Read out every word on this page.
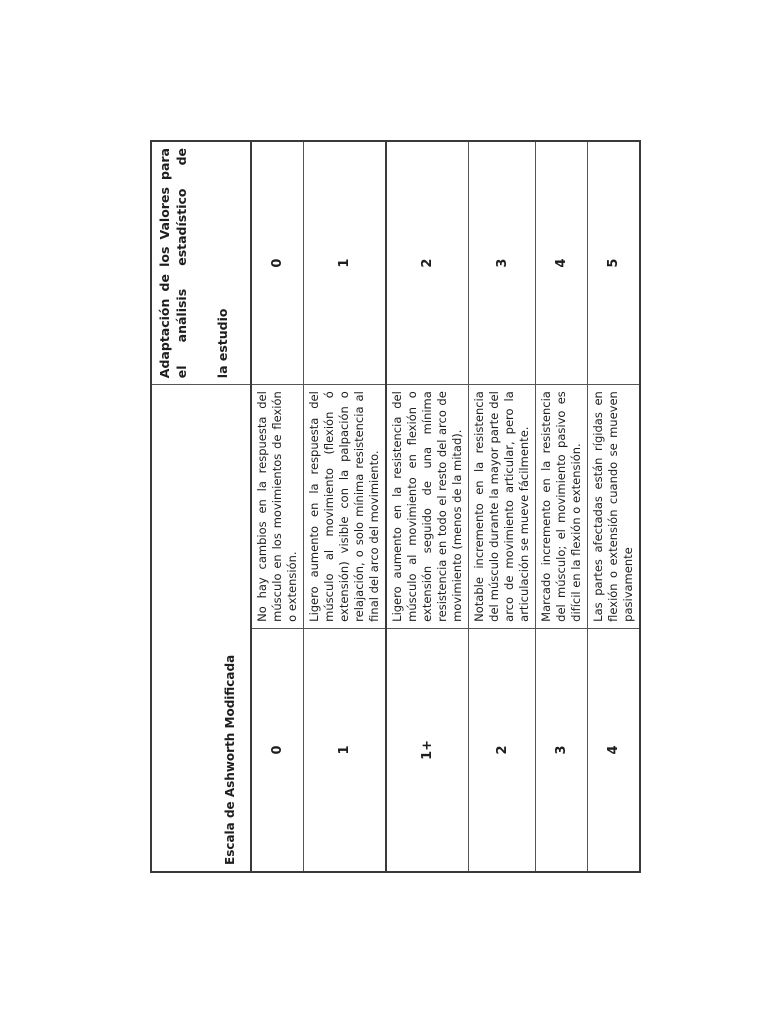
Escala de Ashworth Modificada		Adaptación de los Valores para el análisis estadístico de la estudio
0	No hay cambios en la respuesta del músculo en los movimientos de flexión o extensión.	0
1	Ligero aumento en la respuesta del músculo al movimiento (flexión ó extensión) visible con la palpación o relajación, o solo mínima resistencia al final del arco del movimiento.	1
1+	Ligero aumento en la resistencia del músculo al movimiento en flexión o extensión seguido de una mínima resistencia en todo el resto del arco de movimiento (menos de la mitad).	2
2	Notable incremento en la resistencia del músculo durante la mayor parte del arco de movimiento articular, pero la articulación se mueve fácilmente.	3
3	Marcado incremento en la resistencia del músculo; el movimiento pasivo es difícil en la flexión o extensión.	4
4	Las partes afectadas están rígidas en flexión o extensión cuando se mueven pasivamente	5
